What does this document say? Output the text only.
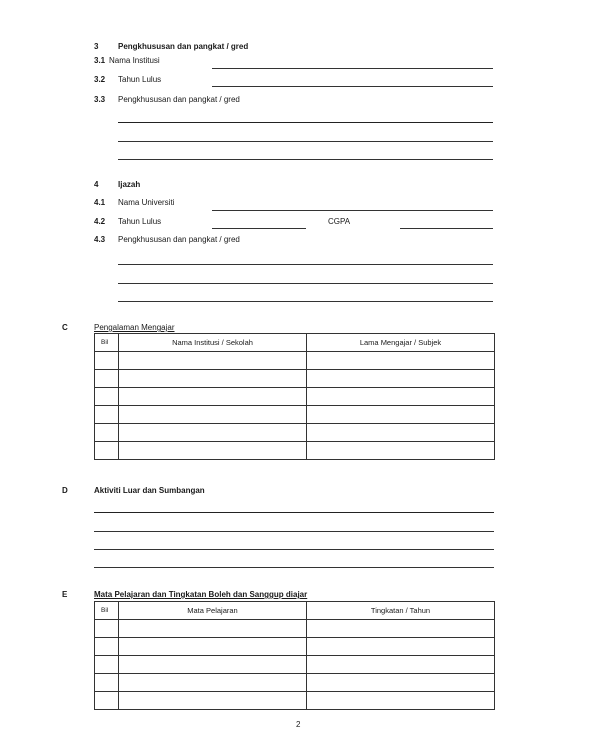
3 Pengkhususan dan pangkat / gred
3.1 Nama Institusi
3.2 Tahun Lulus
3.3 Pengkhususan dan pangkat / gred
4 Ijazah
4.1 Nama Universiti
4.2 Tahun Lulus	CGPA
4.3 Pengkhususan dan pangkat / gred
C	Pengalaman Mengajar
Bil	Nama Institusi / Sekolah	Lama Mengajar / Subjek

D	Aktiviti Luar dan Sumbangan
E	Mata Pelajaran dan Tingkatan Boleh dan Sanggup diajar
Bil	Mata Pelajaran	Tingkatan / Tahun

2
